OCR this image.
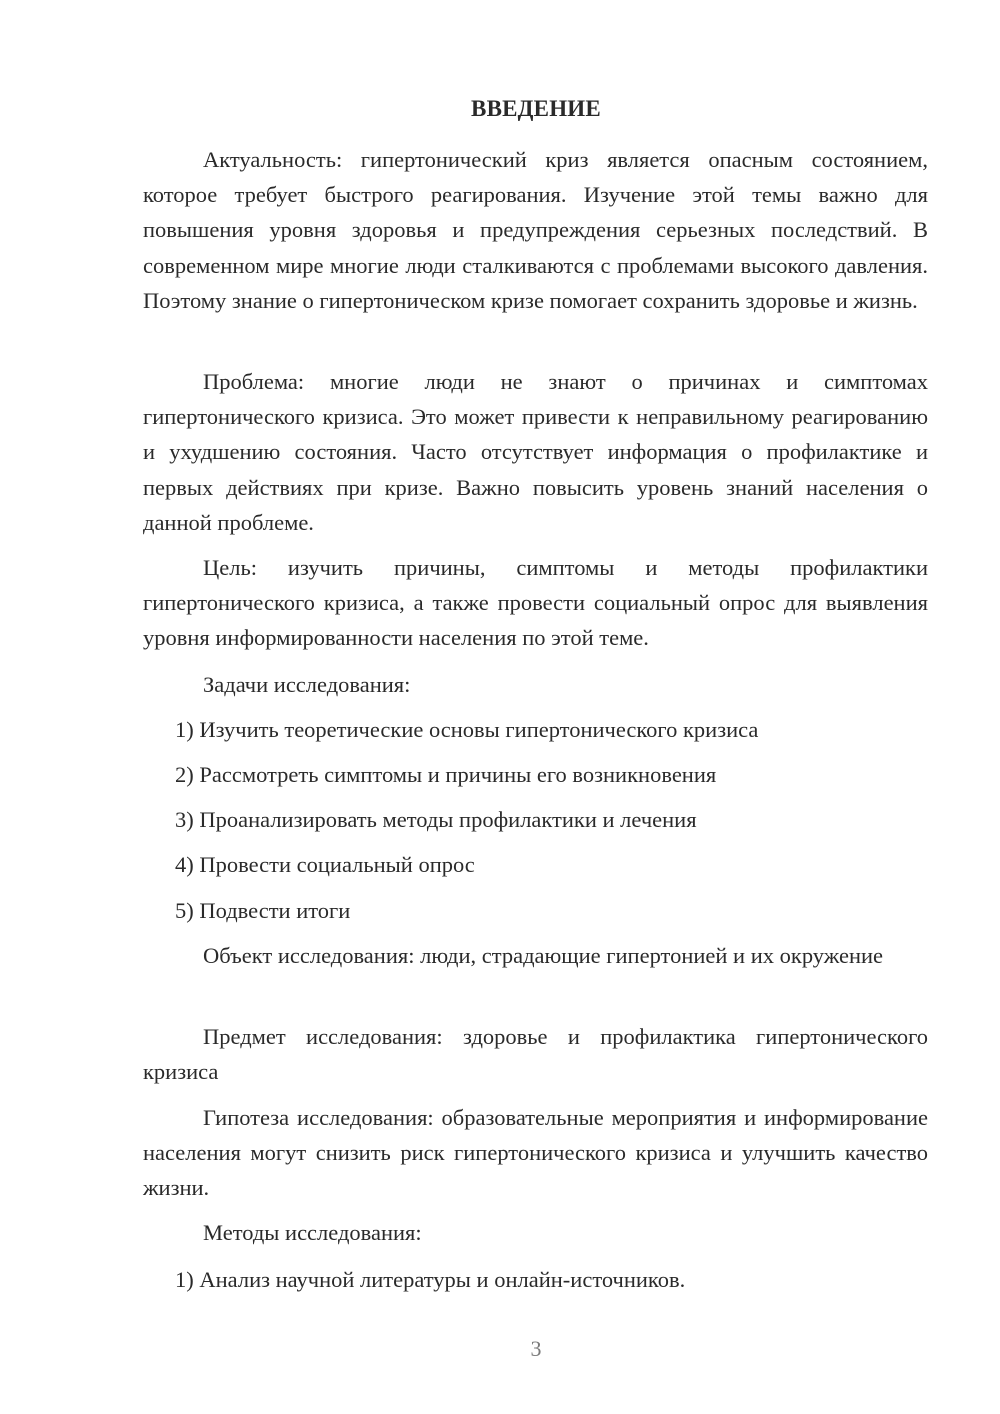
ВВЕДЕНИЕ

Актуальность: гипертонический криз является опасным состоянием, которое требует быстрого реагирования. Изучение этой темы важно для повышения уровня здоровья и предупреждения серьезных последствий. В современном мире многие люди сталкиваются с проблемами высокого давления. Поэтому знание о гипертоническом кризе помогает сохранить здоровье и жизнь.

Проблема: многие люди не знают о причинах и симптомах гипертонического кризиса. Это может привести к неправильному реагированию и ухудшению состояния. Часто отсутствует информация о профилактике и первых действиях при кризе. Важно повысить уровень знаний населения о данной проблеме.

Цель: изучить причины, симптомы и методы профилактики гипертонического кризиса, а также провести социальный опрос для выявления уровня информированности населения по этой теме.

Задачи исследования:

1) Изучить теоретические основы гипертонического кризиса

2) Рассмотреть симптомы и причины его возникновения

3) Проанализировать методы профилактики и лечения

4) Провести социальный опрос

5) Подвести итоги

Объект исследования: люди, страдающие гипертонией и их окружение

Предмет исследования: здоровье и профилактика гипертонического кризиса

Гипотеза исследования: образовательные мероприятия и информирование населения могут снизить риск гипертонического кризиса и улучшить качество жизни.

Методы исследования:

1) Анализ научной литературы и онлайн-источников.

3
